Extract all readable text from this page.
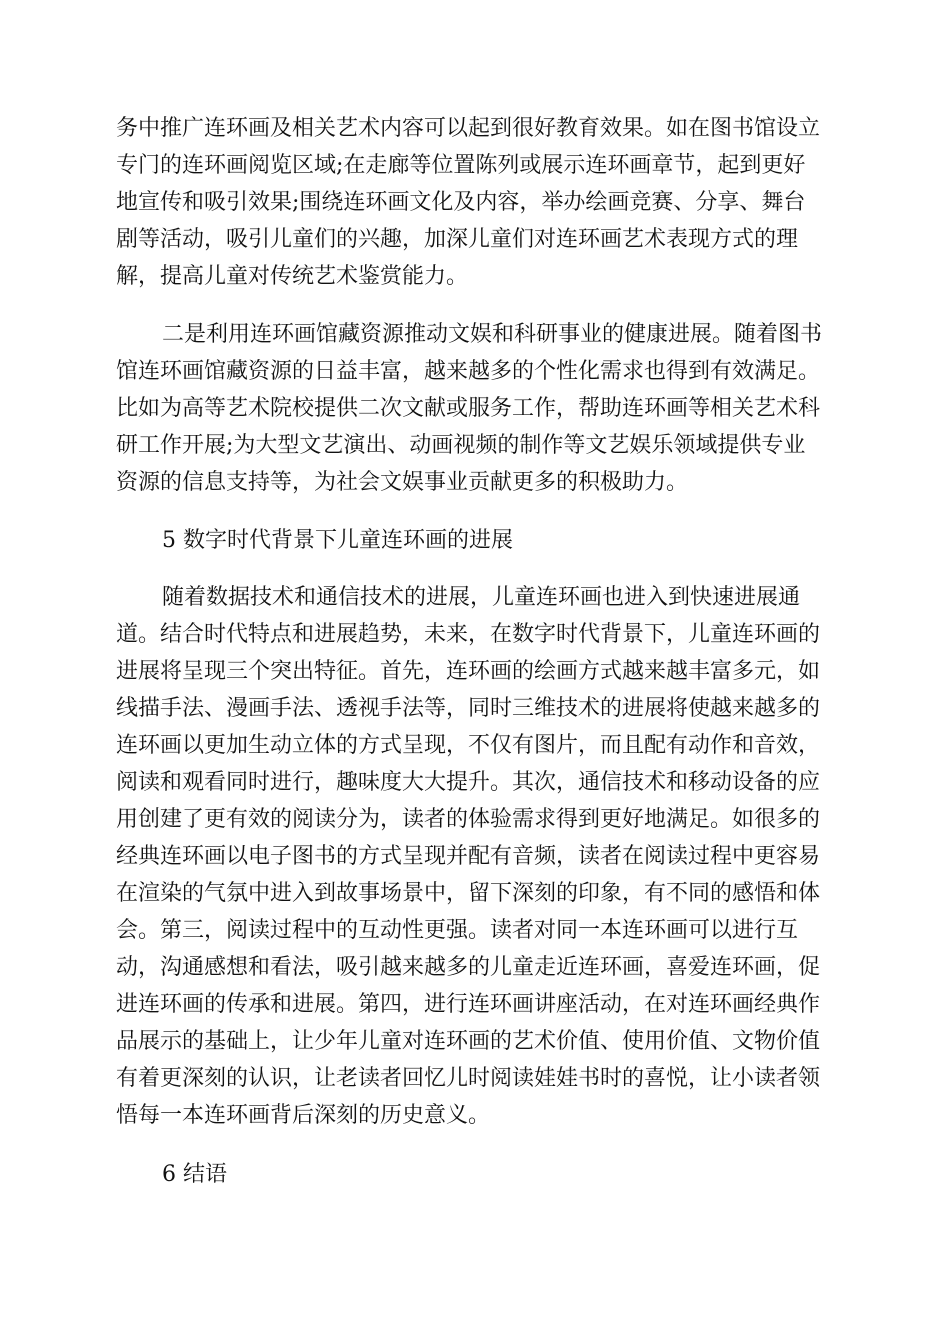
务中推广连环画及相关艺术内容可以起到很好教育效果。如在图书馆设立
专门的连环画阅览区域;在走廊等位置陈列或展示连环画章节，起到更好
地宣传和吸引效果;围绕连环画文化及内容，举办绘画竞赛、分享、舞台
剧等活动，吸引儿童们的兴趣，加深儿童们对连环画艺术表现方式的理
解，提高儿童对传统艺术鉴赏能力。
二是利用连环画馆藏资源推动文娱和科研事业的健康进展。随着图书
馆连环画馆藏资源的日益丰富，越来越多的个性化需求也得到有效满足。
比如为高等艺术院校提供二次文献或服务工作，帮助连环画等相关艺术科
研工作开展;为大型文艺演出、动画视频的制作等文艺娱乐领域提供专业
资源的信息支持等，为社会文娱事业贡献更多的积极助力。
5 数字时代背景下儿童连环画的进展
随着数据技术和通信技术的进展，儿童连环画也进入到快速进展通
道。结合时代特点和进展趋势，未来，在数字时代背景下，儿童连环画的
进展将呈现三个突出特征。首先，连环画的绘画方式越来越丰富多元，如
线描手法、漫画手法、透视手法等，同时三维技术的进展将使越来越多的
连环画以更加生动立体的方式呈现，不仅有图片，而且配有动作和音效，
阅读和观看同时进行，趣味度大大提升。其次，通信技术和移动设备的应
用创建了更有效的阅读分为，读者的体验需求得到更好地满足。如很多的
经典连环画以电子图书的方式呈现并配有音频，读者在阅读过程中更容易
在渲染的气氛中进入到故事场景中，留下深刻的印象，有不同的感悟和体
会。第三，阅读过程中的互动性更强。读者对同一本连环画可以进行互
动，沟通感想和看法，吸引越来越多的儿童走近连环画，喜爱连环画，促
进连环画的传承和进展。第四，进行连环画讲座活动，在对连环画经典作
品展示的基础上，让少年儿童对连环画的艺术价值、使用价值、文物价值
有着更深刻的认识，让老读者回忆儿时阅读娃娃书时的喜悦，让小读者领
悟每一本连环画背后深刻的历史意义。
6 结语
